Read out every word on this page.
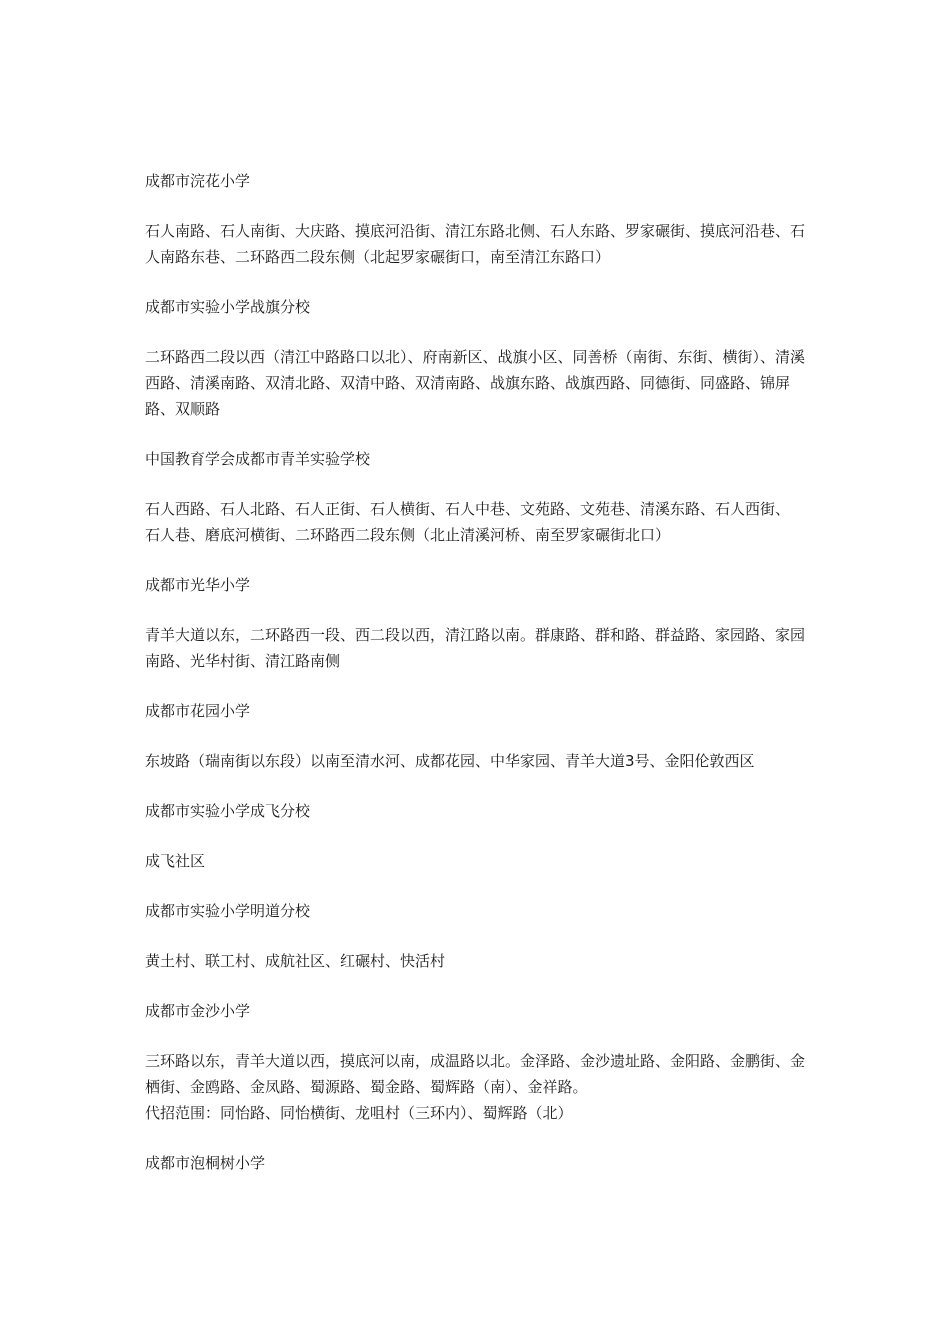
成都市浣花小学
石人南路、石人南街、大庆路、摸底河沿街、清江东路北侧、石人东路、罗家碾街、摸底河沿巷、石人南路东巷、二环路西二段东侧（北起罗家碾街口，南至清江东路口）
成都市实验小学战旗分校
二环路西二段以西（清江中路路口以北）、府南新区、战旗小区、同善桥（南街、东街、横街）、清溪西路、清溪南路、双清北路、双清中路、双清南路、战旗东路、战旗西路、同德街、同盛路、锦屏路、双顺路
中国教育学会成都市青羊实验学校
石人西路、石人北路、石人正街、石人横街、石人中巷、文苑路、文苑巷、清溪东路、石人西街、
石人巷、磨底河横街、二环路西二段东侧（北止清溪河桥、南至罗家碾街北口）
成都市光华小学
青羊大道以东，二环路西一段、西二段以西，清江路以南。群康路、群和路、群益路、家园路、家园南路、光华村街、清江路南侧
成都市花园小学
东坡路（瑞南街以东段）以南至清水河、成都花园、中华家园、青羊大道3号、金阳伦敦西区
成都市实验小学成飞分校
成飞社区
成都市实验小学明道分校
黄土村、联工村、成航社区、红碾村、快活村
成都市金沙小学
三环路以东，青羊大道以西，摸底河以南，成温路以北。金泽路、金沙遗址路、金阳路、金鹏街、金栖街、金鸥路、金凤路、蜀源路、蜀金路、蜀辉路（南）、金祥路。
代招范围：同怡路、同怡横街、龙咀村（三环内）、蜀辉路（北）
成都市泡桐树小学
